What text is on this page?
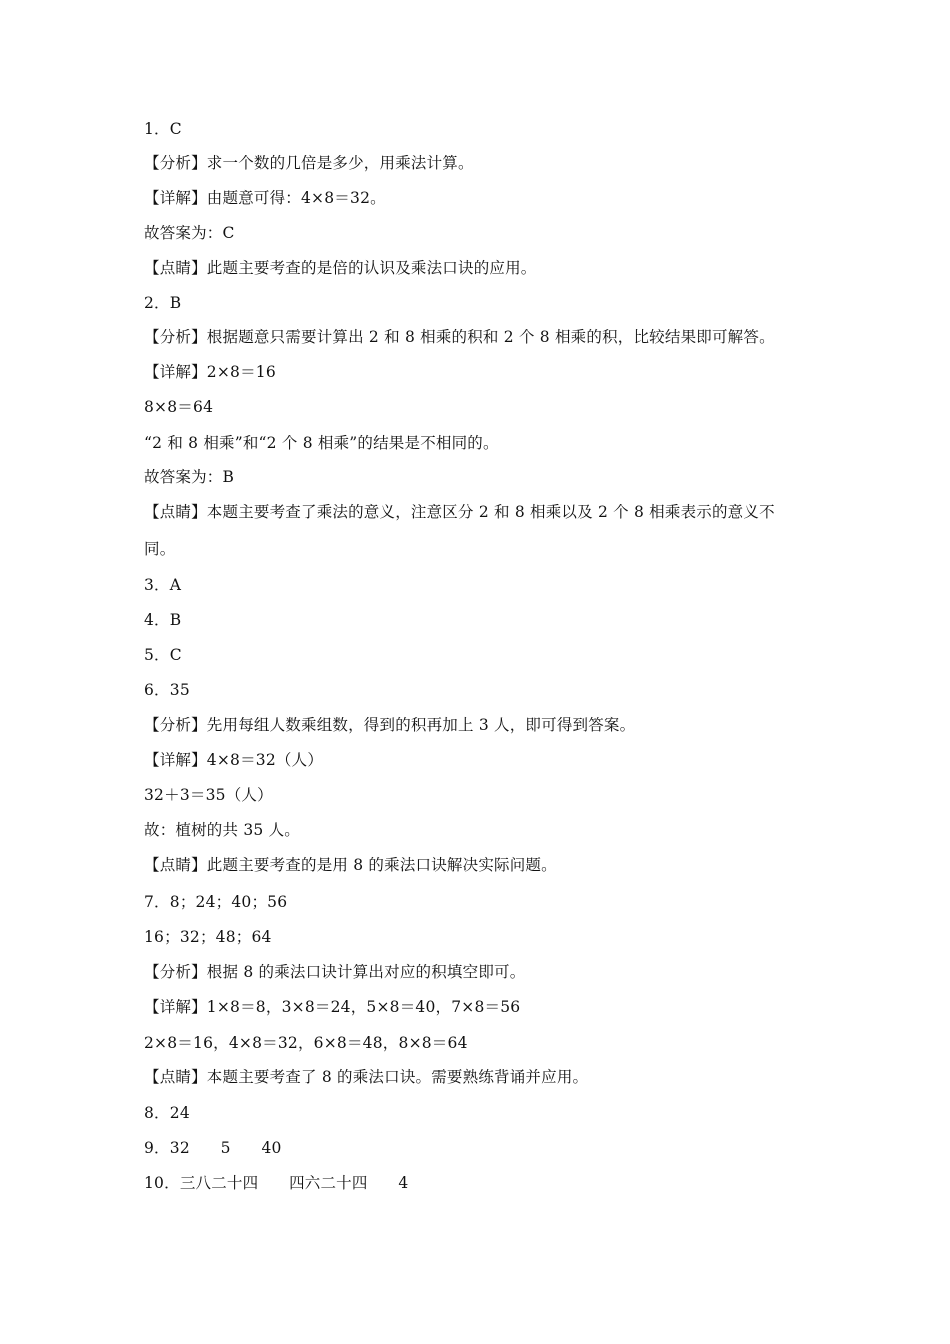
1．C
【分析】求一个数的几倍是多少，用乘法计算。
【详解】由题意可得：4×8＝32。
故答案为：C
【点睛】此题主要考查的是倍的认识及乘法口诀的应用。
2．B
【分析】根据题意只需要计算出 2 和 8 相乘的积和 2 个 8 相乘的积，比较结果即可解答。
【详解】2×8＝16
8×8＝64
“2 和 8 相乘”和“2 个 8 相乘”的结果是不相同的。
故答案为：B
【点睛】本题主要考查了乘法的意义，注意区分 2 和 8 相乘以及 2 个 8 相乘表示的意义不
同。
3．A
4．B
5．C
6．35
【分析】先用每组人数乘组数，得到的积再加上 3 人，即可得到答案。
【详解】4×8＝32（人）
32＋3＝35（人）
故：植树的共 35 人。
【点睛】此题主要考查的是用 8 的乘法口诀解决实际问题。
7．8；24；40；56
16；32；48；64
【分析】根据 8 的乘法口诀计算出对应的积填空即可。
【详解】1×8＝8，3×8＝24，5×8＝40，7×8＝56
2×8＝16，4×8＝32，6×8＝48，8×8＝64
【点睛】本题主要考查了 8 的乘法口诀。需要熟练背诵并应用。
8．24
9．32      5      40
10．三八二十四      四六二十四      4
